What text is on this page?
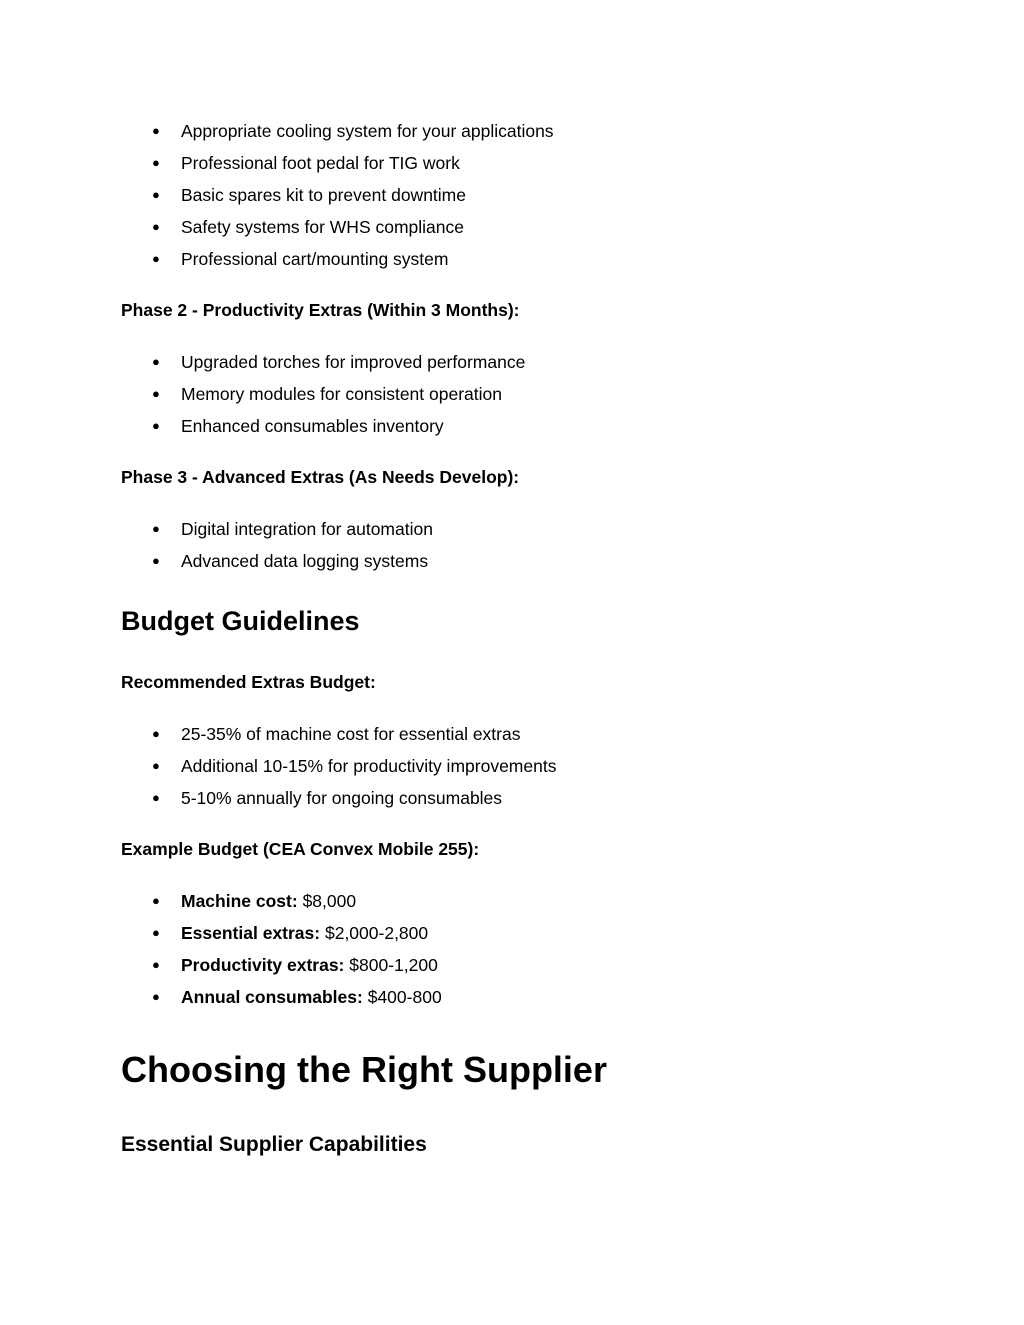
● Appropriate cooling system for your applications
● Professional foot pedal for TIG work
● Basic spares kit to prevent downtime
● Safety systems for WHS compliance
● Professional cart/mounting system
Phase 2 - Productivity Extras (Within 3 Months):
● Upgraded torches for improved performance
● Memory modules for consistent operation
● Enhanced consumables inventory
Phase 3 - Advanced Extras (As Needs Develop):
● Digital integration for automation
● Advanced data logging systems
Budget Guidelines
Recommended Extras Budget:
● 25-35% of machine cost for essential extras
● Additional 10-15% for productivity improvements
● 5-10% annually for ongoing consumables
Example Budget (CEA Convex Mobile 255):
● Machine cost: $8,000
● Essential extras: $2,000-2,800
● Productivity extras: $800-1,200
● Annual consumables: $400-800
Choosing the Right Supplier
Essential Supplier Capabilities
